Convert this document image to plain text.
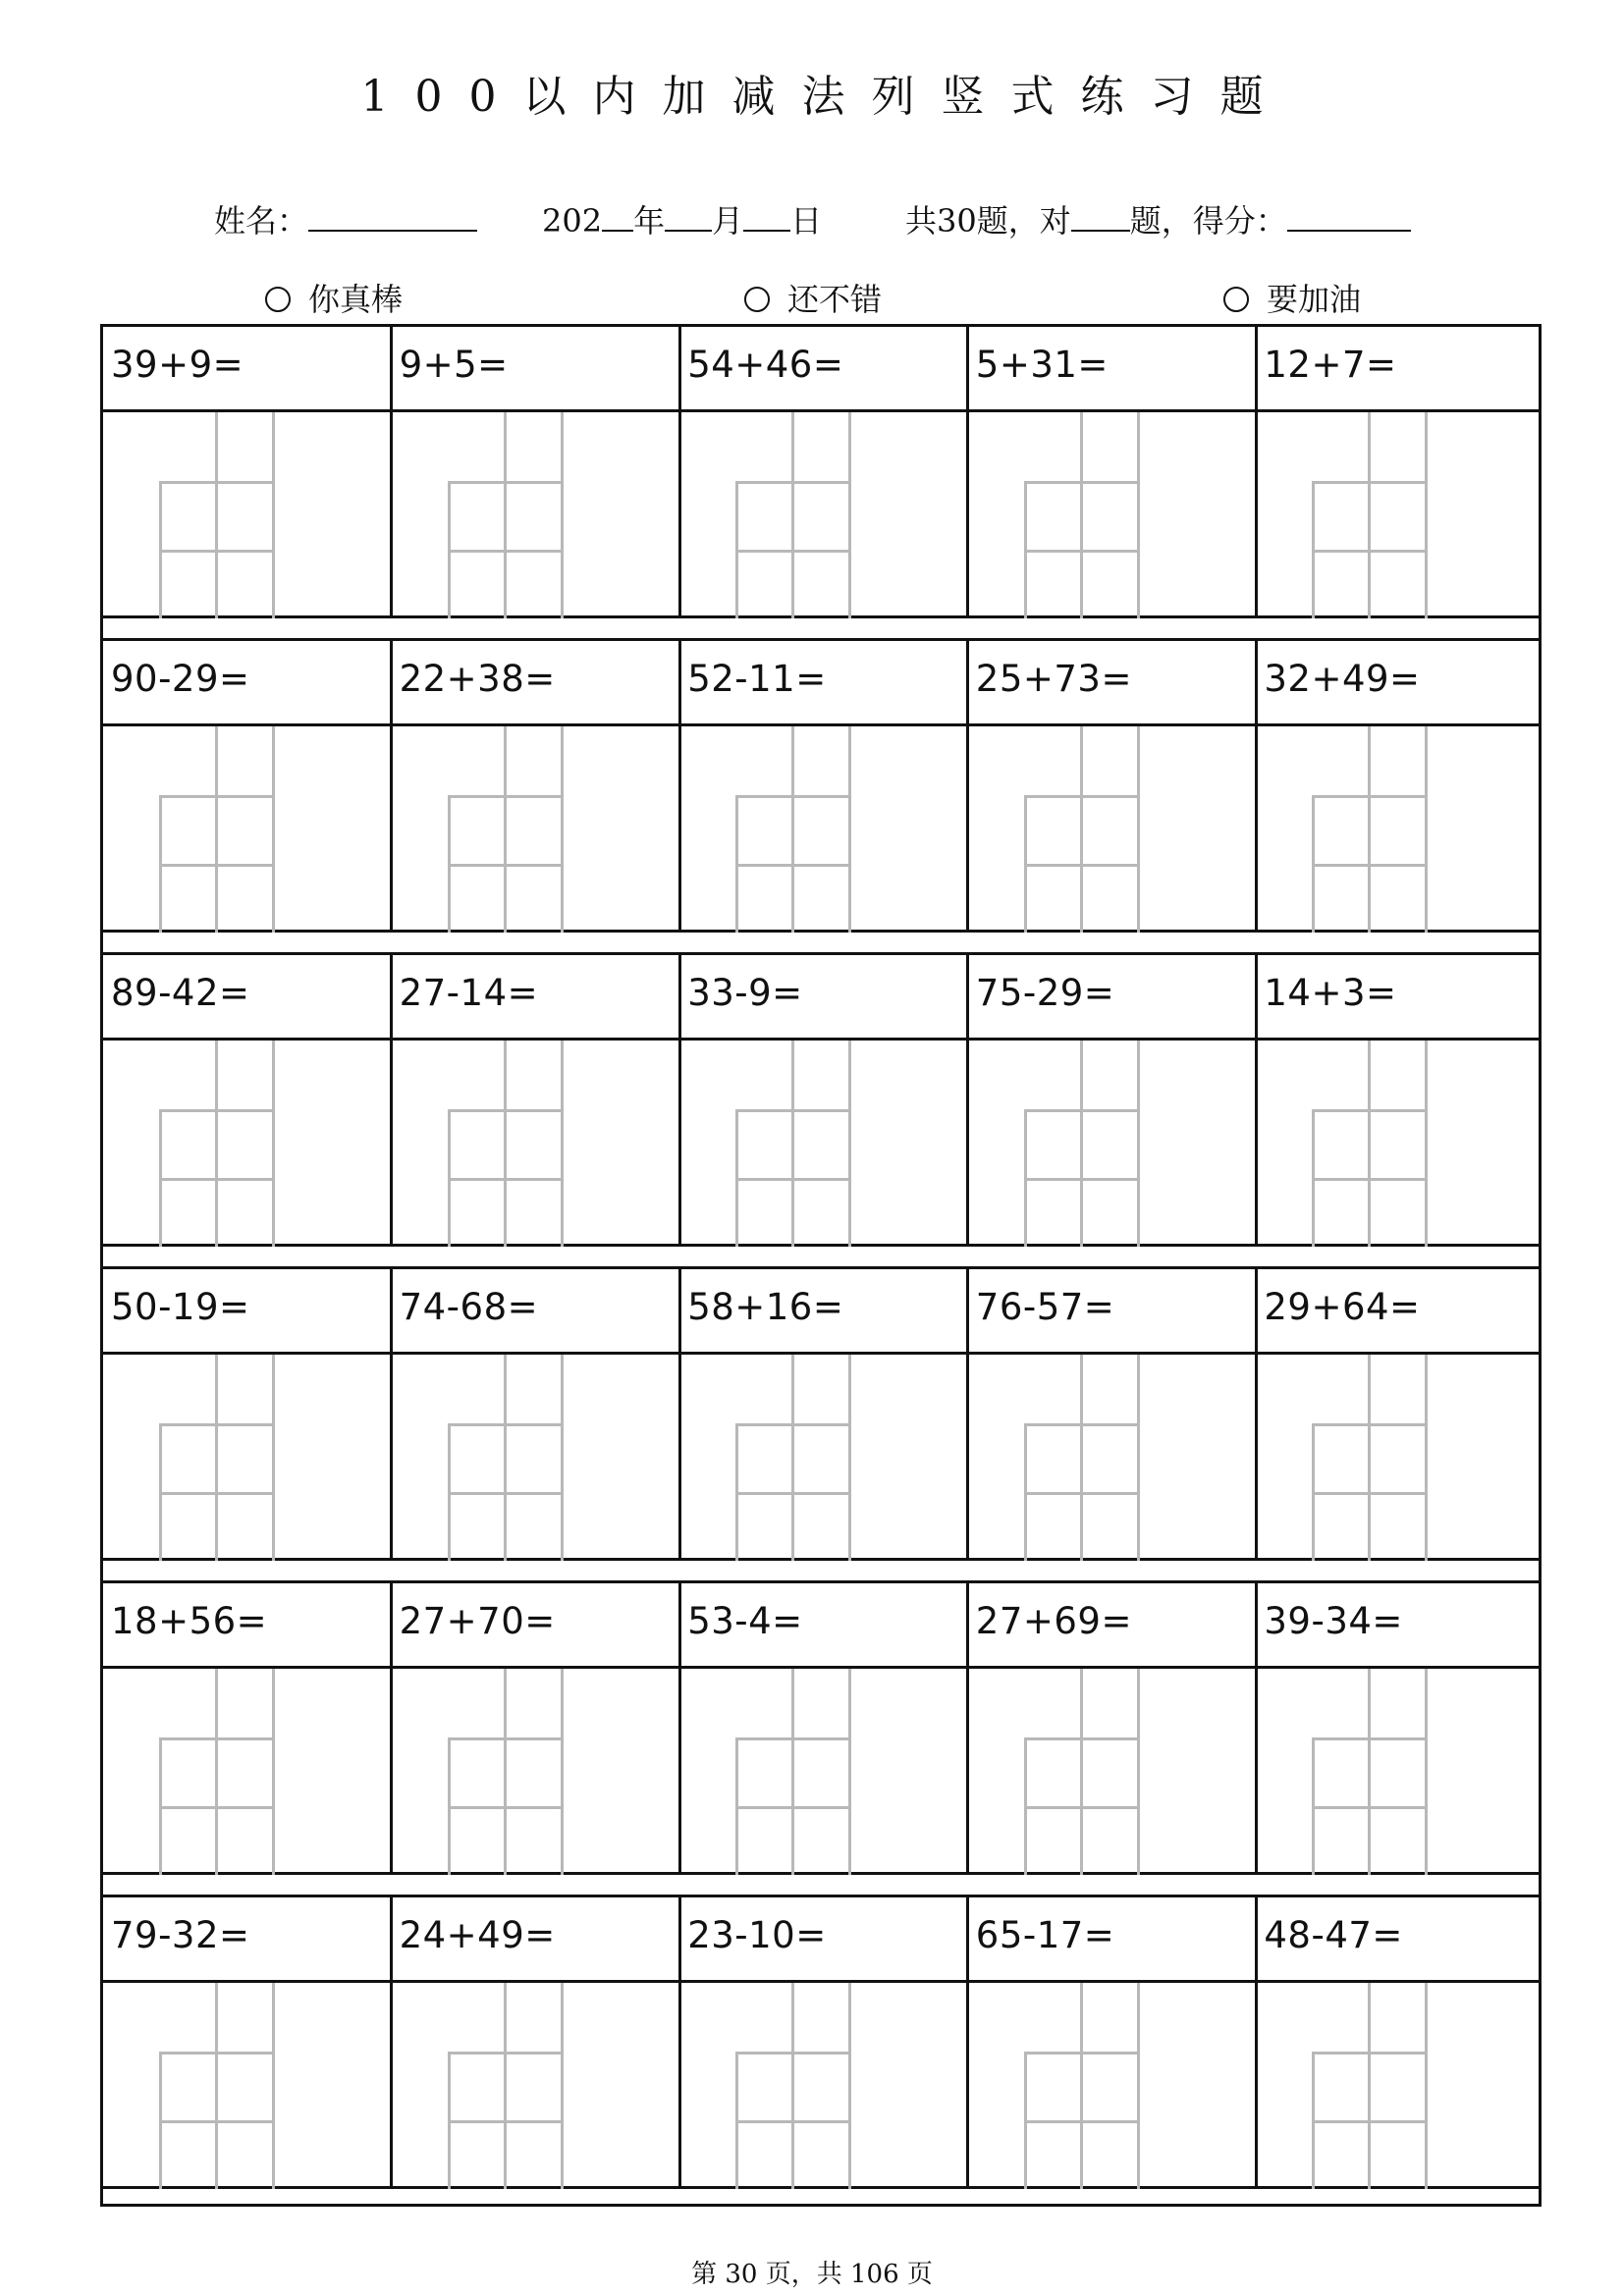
100以内加减法列竖式练习题
姓名：	202 年 月 日	共30题，对 题，得分：
你真棒	还不错	要加油
39+9=	9+5=	54+46=	5+31=	12+7=
90-29=	22+38=	52-11=	25+73=	32+49=
89-42=	27-14=	33-9=	75-29=	14+3=
50-19=	74-68=	58+16=	76-57=	29+64=
18+56=	27+70=	53-4=	27+69=	39-34=
79-32=	24+49=	23-10=	65-17=	48-47=
第 30 页，共 106 页
